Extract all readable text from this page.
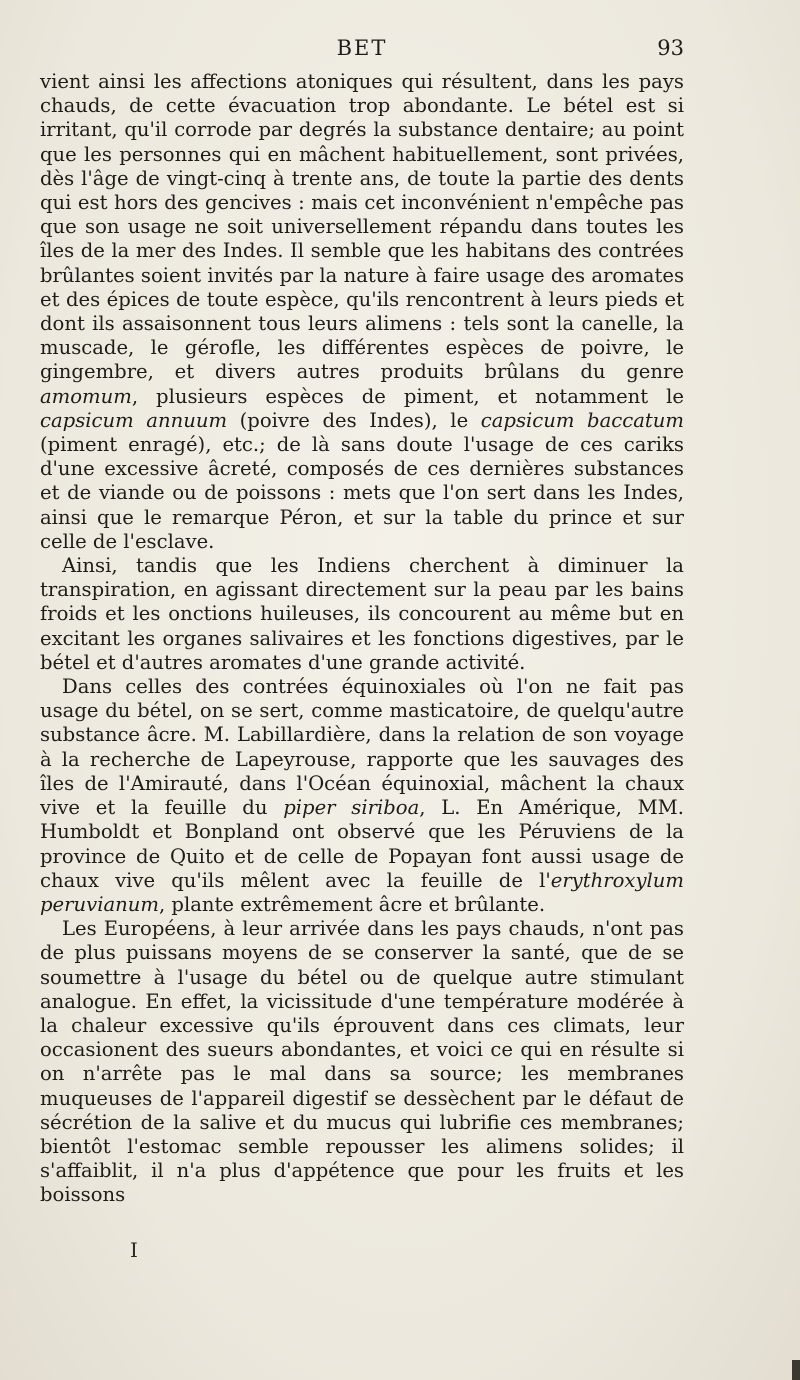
BET	93

vient ainsi les affections atoniques qui résultent, dans les pays chauds, de cette évacuation trop abondante. Le bétel est si irritant, qu'il corrode par degrés la substance dentaire; au point que les personnes qui en mâchent habituellement, sont privées, dès l'âge de vingt-cinq à trente ans, de toute la partie des dents qui est hors des gencives : mais cet inconvénient n'empêche pas que son usage ne soit universellement répandu dans toutes les îles de la mer des Indes. Il semble que les habitans des contrées brûlantes soient invités par la nature à faire usage des aromates et des épices de toute espèce, qu'ils rencontrent à leurs pieds et dont ils assaisonnent tous leurs alimens : tels sont la canelle, la muscade, le gérofle, les différentes espèces de poivre, le gingembre, et divers autres produits brûlans du genre amomum, plusieurs espèces de piment, et notamment le capsicum annuum (poivre des Indes), le capsicum baccatum (piment enragé), etc.; de là sans doute l'usage de ces cariks d'une excessive âcreté, composés de ces dernières substances et de viande ou de poissons : mets que l'on sert dans les Indes, ainsi que le remarque Péron, et sur la table du prince et sur celle de l'esclave.

Ainsi, tandis que les Indiens cherchent à diminuer la transpiration, en agissant directement sur la peau par les bains froids et les onctions huileuses, ils concourent au même but en excitant les organes salivaires et les fonctions digestives, par le bétel et d'autres aromates d'une grande activité.

Dans celles des contrées équinoxiales où l'on ne fait pas usage du bétel, on se sert, comme masticatoire, de quelqu'autre substance âcre. M. Labillardière, dans la relation de son voyage à la recherche de Lapeyrouse, rapporte que les sauvages des îles de l'Amirauté, dans l'Océan équinoxial, mâchent la chaux vive et la feuille du piper siriboa, L. En Amérique, MM. Humboldt et Bonpland ont observé que les Péruviens de la province de Quito et de celle de Popayan font aussi usage de chaux vive qu'ils mêlent avec la feuille de l'erythroxylum peruvianum, plante extrêmement âcre et brûlante.

Les Européens, à leur arrivée dans les pays chauds, n'ont pas de plus puissans moyens de se conserver la santé, que de se soumettre à l'usage du bétel ou de quelque autre stimulant analogue. En effet, la vicissitude d'une température modérée à la chaleur excessive qu'ils éprouvent dans ces climats, leur occasionent des sueurs abondantes, et voici ce qui en résulte si on n'arrête pas le mal dans sa source; les membranes muqueuses de l'appareil digestif se dessèchent par le défaut de sécrétion de la salive et du mucus qui lubrifie ces membranes; bientôt l'estomac semble repousser les alimens solides; il s'affaiblit, il n'a plus d'appétence que pour les fruits et les boissons

I
